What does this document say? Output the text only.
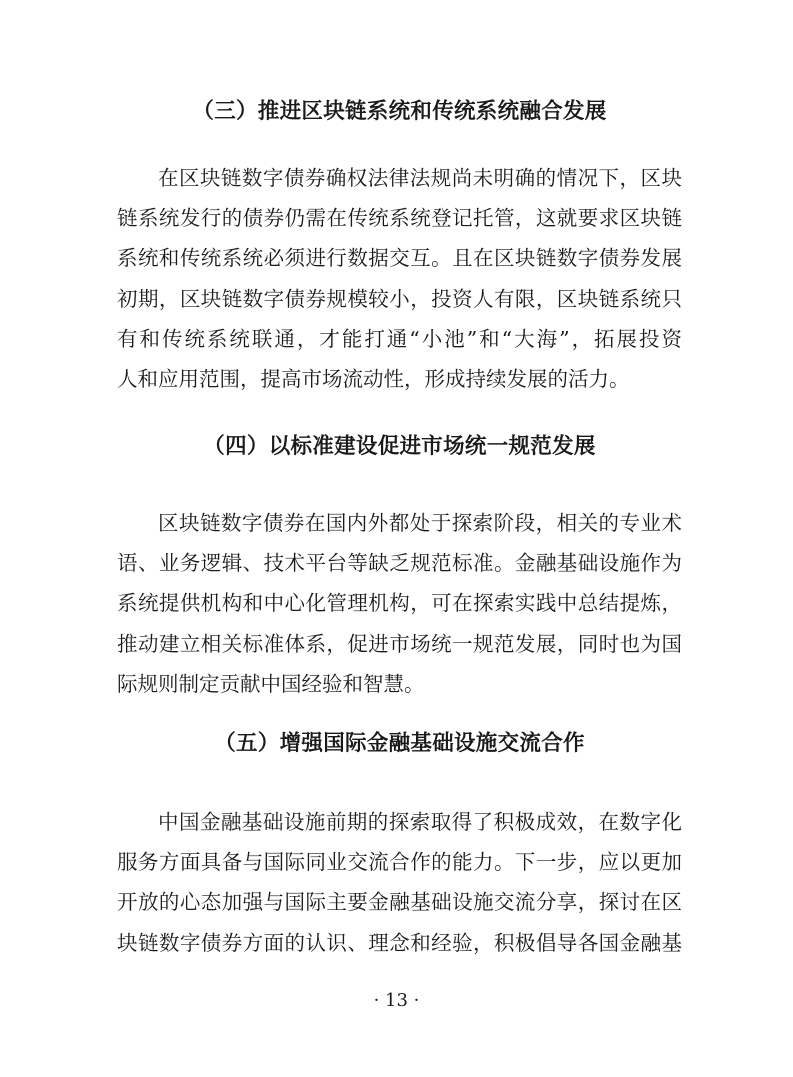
（三）推进区块链系统和传统系统融合发展

在区块链数字债券确权法律法规尚未明确的情况下，区块
链系统发行的债券仍需在传统系统登记托管，这就要求区块链
系统和传统系统必须进行数据交互。且在区块链数字债券发展
初期，区块链数字债券规模较小，投资人有限，区块链系统只
有和传统系统联通，才能打通“小池”和“大海”，拓展投资
人和应用范围，提高市场流动性，形成持续发展的活力。

（四）以标准建设促进市场统一规范发展

区块链数字债券在国内外都处于探索阶段，相关的专业术
语、业务逻辑、技术平台等缺乏规范标准。金融基础设施作为
系统提供机构和中心化管理机构，可在探索实践中总结提炼，
推动建立相关标准体系，促进市场统一规范发展，同时也为国
际规则制定贡献中国经验和智慧。

（五）增强国际金融基础设施交流合作

中国金融基础设施前期的探索取得了积极成效，在数字化
服务方面具备与国际同业交流合作的能力。下一步，应以更加
开放的心态加强与国际主要金融基础设施交流分享，探讨在区
块链数字债券方面的认识、理念和经验，积极倡导各国金融基

· 13 ·
